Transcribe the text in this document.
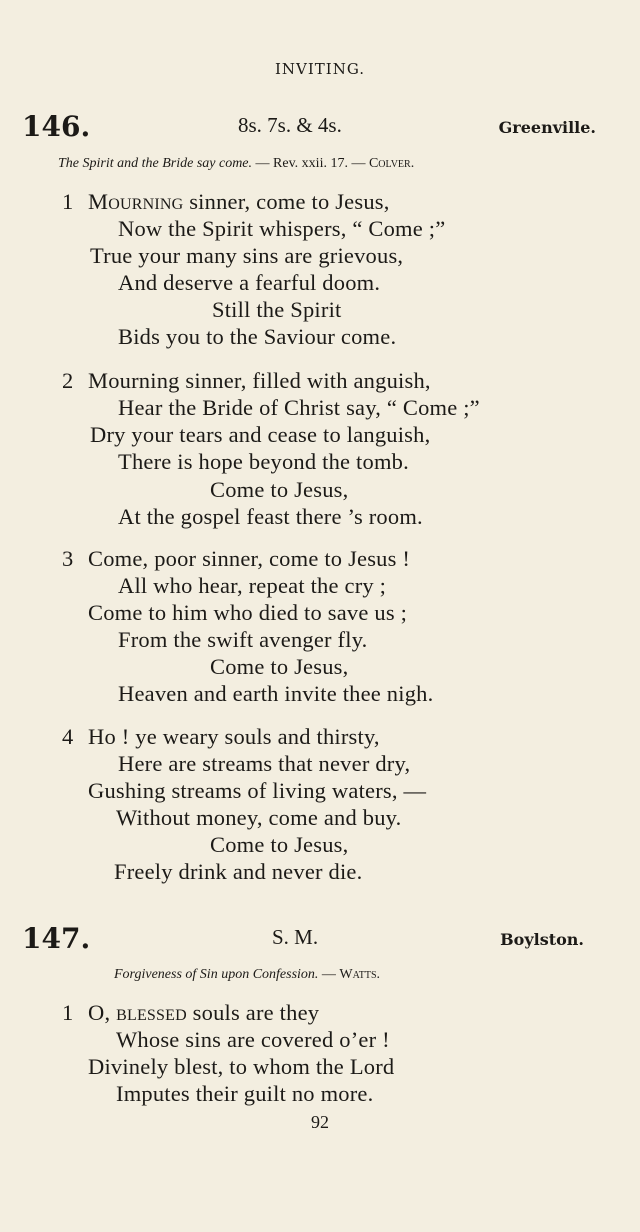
INVITING.
146.	8s. 7s. & 4s.	Greenville.
The Spirit and the Bride say come. — Rev. xxii. 17. — Colver.
1 Mourning sinner, come to Jesus,
Now the Spirit whispers, “ Come ;”
True your many sins are grievous,
And deserve a fearful doom.
Still the Spirit
Bids you to the Saviour come.
2 Mourning sinner, filled with anguish,
Hear the Bride of Christ say, “ Come ;”
Dry your tears and cease to languish,
There is hope beyond the tomb.
Come to Jesus,
At the gospel feast there ’s room.
3 Come, poor sinner, come to Jesus !
All who hear, repeat the cry ;
Come to him who died to save us ;
From the swift avenger fly.
Come to Jesus,
Heaven and earth invite thee nigh.
4 Ho ! ye weary souls and thirsty,
Here are streams that never dry,
Gushing streams of living waters, —
Without money, come and buy.
Come to Jesus,
Freely drink and never die.
147.	S. M.	Boylston.
Forgiveness of Sin upon Confession. — Watts.
1 O, blessed souls are they
Whose sins are covered o’er !
Divinely blest, to whom the Lord
Imputes their guilt no more.
92
